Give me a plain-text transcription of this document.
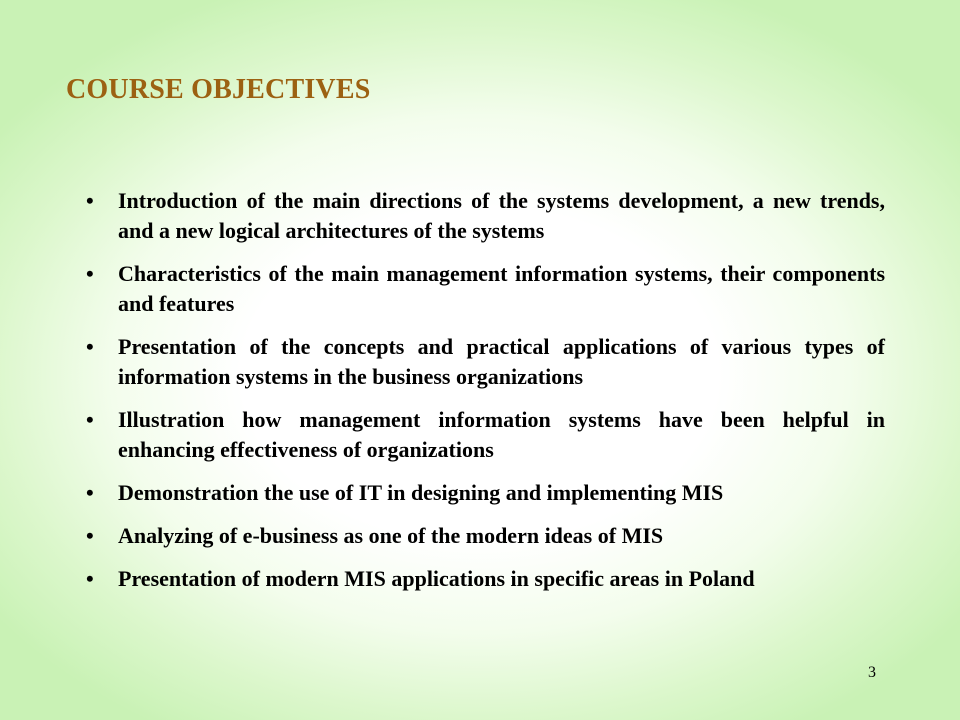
COURSE OBJECTIVES
• Introduction of the main directions of the systems development, a new trends, and a new logical architectures of the systems
• Characteristics of the main management information systems, their components and features
• Presentation of the concepts and practical applications of various types of information systems in the business organizations
• Illustration how management information systems have been helpful in enhancing effectiveness of organizations
• Demonstration the use of IT in designing and implementing MIS
• Analyzing of e-business as one of the modern ideas of MIS
• Presentation of modern MIS applications in specific areas in Poland
3
